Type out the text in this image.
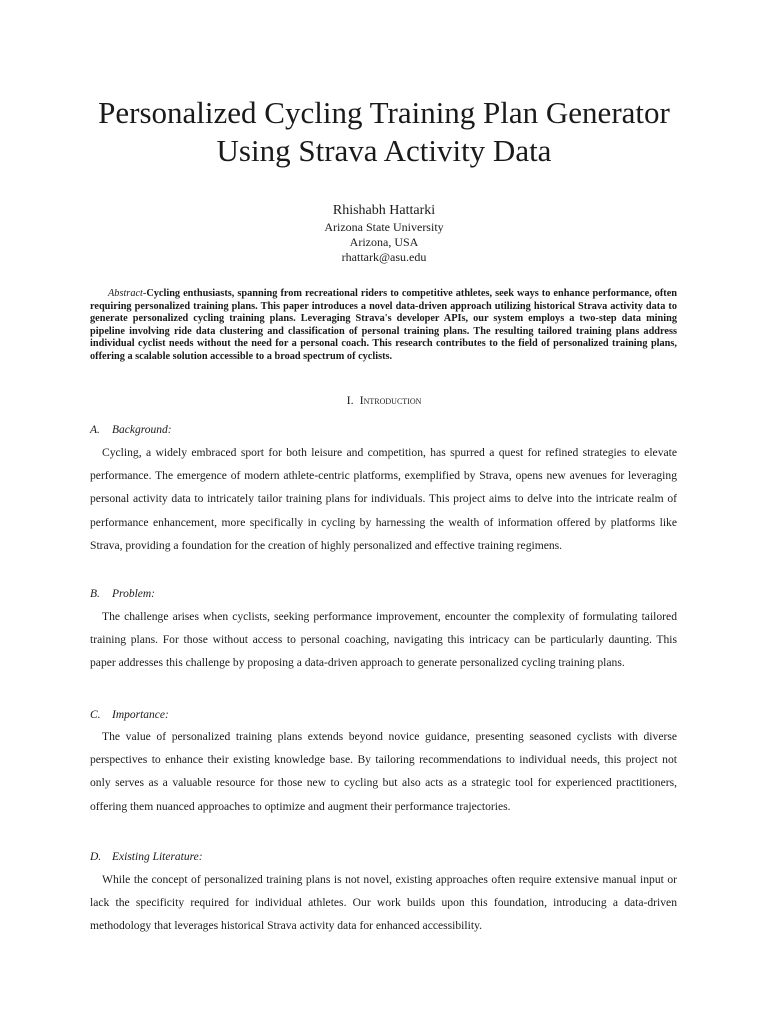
Personalized Cycling Training Plan Generator Using Strava Activity Data
Rhishabh Hattarki
Arizona State University
Arizona, USA
rhattark@asu.edu

Abstract-Cycling enthusiasts, spanning from recreational riders to competitive athletes, seek ways to enhance performance, often requiring personalized training plans. This paper introduces a novel data-driven approach utilizing historical Strava activity data to generate personalized cycling training plans. Leveraging Strava's developer APIs, our system employs a two-step data mining pipeline involving ride data clustering and classification of personal training plans. The resulting tailored training plans address individual cyclist needs without the need for a personal coach. This research contributes to the field of personalized training plans, offering a scalable solution accessible to a broad spectrum of cyclists.

I. Introduction
A. Background:

Cycling, a widely embraced sport for both leisure and competition, has spurred a quest for refined strategies to elevate performance. The emergence of modern athlete-centric platforms, exemplified by Strava, opens new avenues for leveraging personal activity data to intricately tailor training plans for individuals. This project aims to delve into the intricate realm of performance enhancement, more specifically in cycling by harnessing the wealth of information offered by platforms like Strava, providing a foundation for the creation of highly personalized and effective training regimens.

B. Problem:

The challenge arises when cyclists, seeking performance improvement, encounter the complexity of formulating tailored training plans. For those without access to personal coaching, navigating this intricacy can be particularly daunting. This paper addresses this challenge by proposing a data-driven approach to generate personalized cycling training plans.

C. Importance:

The value of personalized training plans extends beyond novice guidance, presenting seasoned cyclists with diverse perspectives to enhance their existing knowledge base. By tailoring recommendations to individual needs, this project not only serves as a valuable resource for those new to cycling but also acts as a strategic tool for experienced practitioners, offering them nuanced approaches to optimize and augment their performance trajectories.

D. Existing Literature:

While the concept of personalized training plans is not novel, existing approaches often require extensive manual input or lack the specificity required for individual athletes. Our work builds upon this foundation, introducing a data-driven methodology that leverages historical Strava activity data for enhanced accessibility.
